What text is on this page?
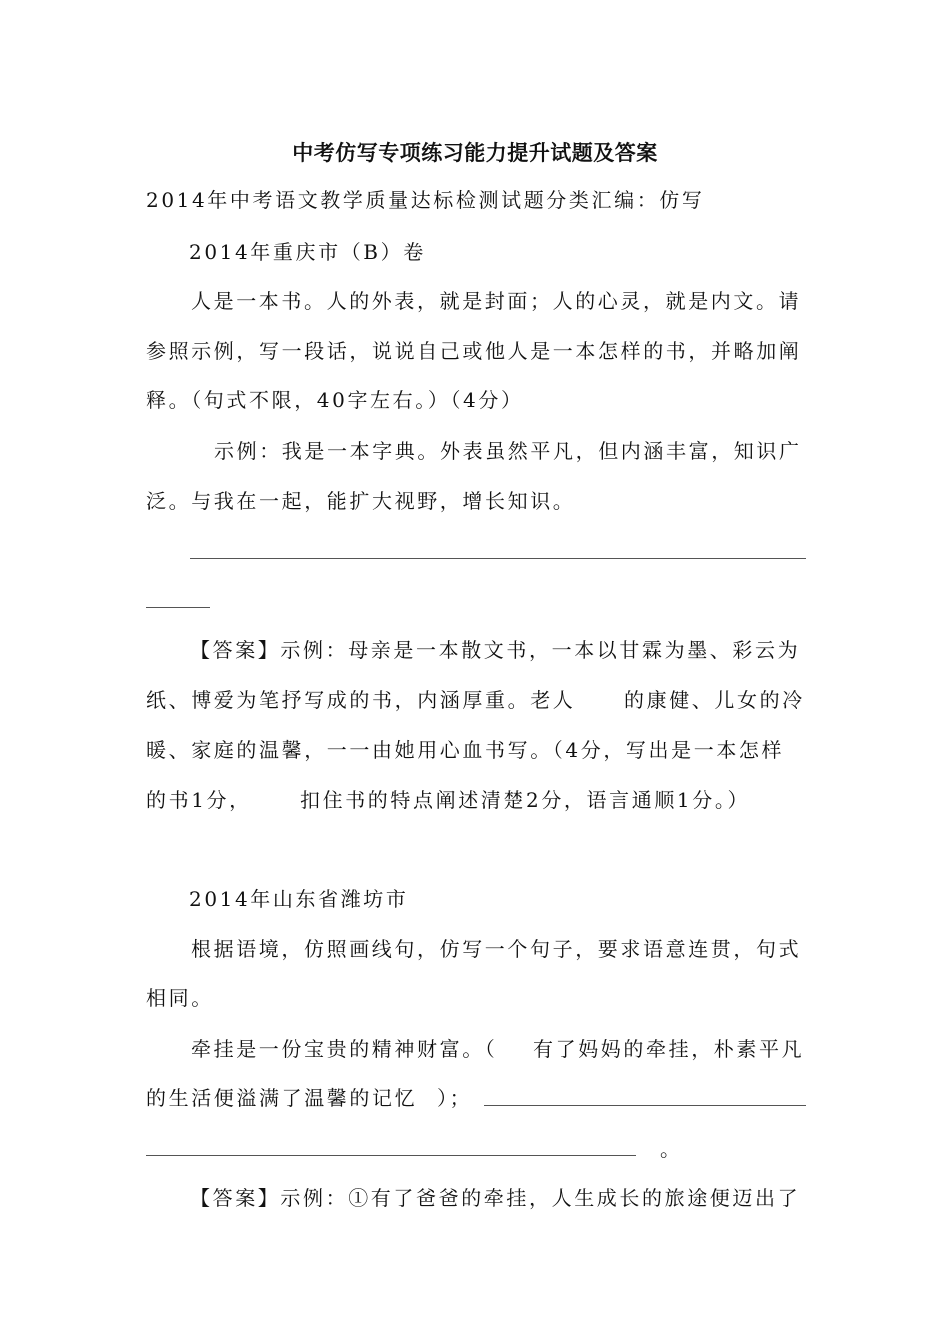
中考仿写专项练习能力提升试题及答案
2014年中考语文教学质量达标检测试题分类汇编：仿写
2014年重庆市（B）卷
人是一本书。人的外表，就是封面；人的心灵，就是内文。请
参照示例，写一段话，说说自己或他人是一本怎样的书，并略加阐
释。（句式不限，40字左右。）（4分）
示例：我是一本字典。外表虽然平凡，但内涵丰富，知识广
泛。与我在一起，能扩大视野，增长知识。
【答案】示例：母亲是一本散文书，一本以甘霖为墨、彩云为
纸、博爱为笔抒写成的书，内涵厚重。老人 的康健、儿女的冷
暖、家庭的温馨，一一由她用心血书写。（4分，写出是一本怎样
的书1分， 扣住书的特点阐述清楚2分，语言通顺1分。）
2014年山东省潍坊市
根据语境，仿照画线句，仿写一个句子，要求语意连贯，句式
相同。
牵挂是一份宝贵的精神财富。（ 有了妈妈的牵挂，朴素平凡
的生活便溢满了温馨的记忆 ）；
。
【答案】示例：①有了爸爸的牵挂，人生成长的旅途便迈出了
